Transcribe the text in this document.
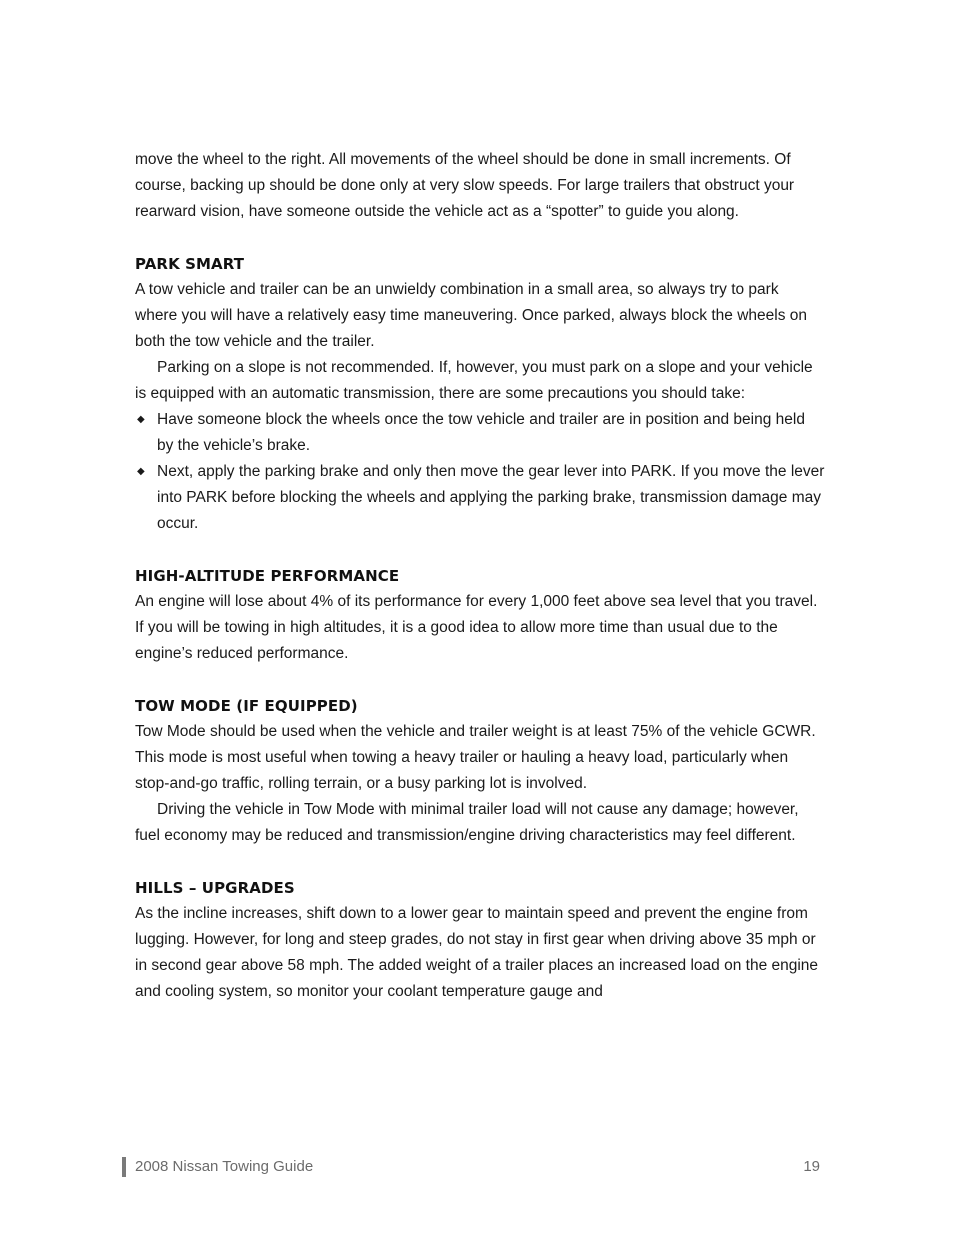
move the wheel to the right. All movements of the wheel should be done in small increments. Of course, backing up should be done only at very slow speeds. For large trailers that obstruct your rearward vision, have someone outside the vehicle act as a “spotter” to guide you along.

PARK SMART

A tow vehicle and trailer can be an unwieldy combination in a small area, so always try to park where you will have a relatively easy time maneuvering. Once parked, always block the wheels on both the tow vehicle and the trailer.

Parking on a slope is not recommended. If, however, you must park on a slope and your vehicle is equipped with an automatic transmission, there are some precautions you should take:

◆ Have someone block the wheels once the tow vehicle and trailer are in position and being held by the vehicle’s brake.
◆ Next, apply the parking brake and only then move the gear lever into PARK. If you move the lever into PARK before blocking the wheels and applying the parking brake, transmission damage may occur.
HIGH-ALTITUDE PERFORMANCE

An engine will lose about 4% of its performance for every 1,000 feet above sea level that you travel. If you will be towing in high altitudes, it is a good idea to allow more time than usual due to the engine’s reduced performance.

TOW MODE (IF EQUIPPED)

Tow Mode should be used when the vehicle and trailer weight is at least 75% of the vehicle GCWR. This mode is most useful when towing a heavy trailer or hauling a heavy load, particularly when stop-and-go traffic, rolling terrain, or a busy parking lot is involved.

Driving the vehicle in Tow Mode with minimal trailer load will not cause any damage; however, fuel economy may be reduced and transmission/engine driving characteristics may feel different.

HILLS – UPGRADES

As the incline increases, shift down to a lower gear to maintain speed and prevent the engine from lugging. However, for long and steep grades, do not stay in first gear when driving above 35 mph or in second gear above 58 mph. The added weight of a trailer places an increased load on the engine and cooling system, so monitor your coolant temperature gauge and

2008 Nissan Towing Guide	19
